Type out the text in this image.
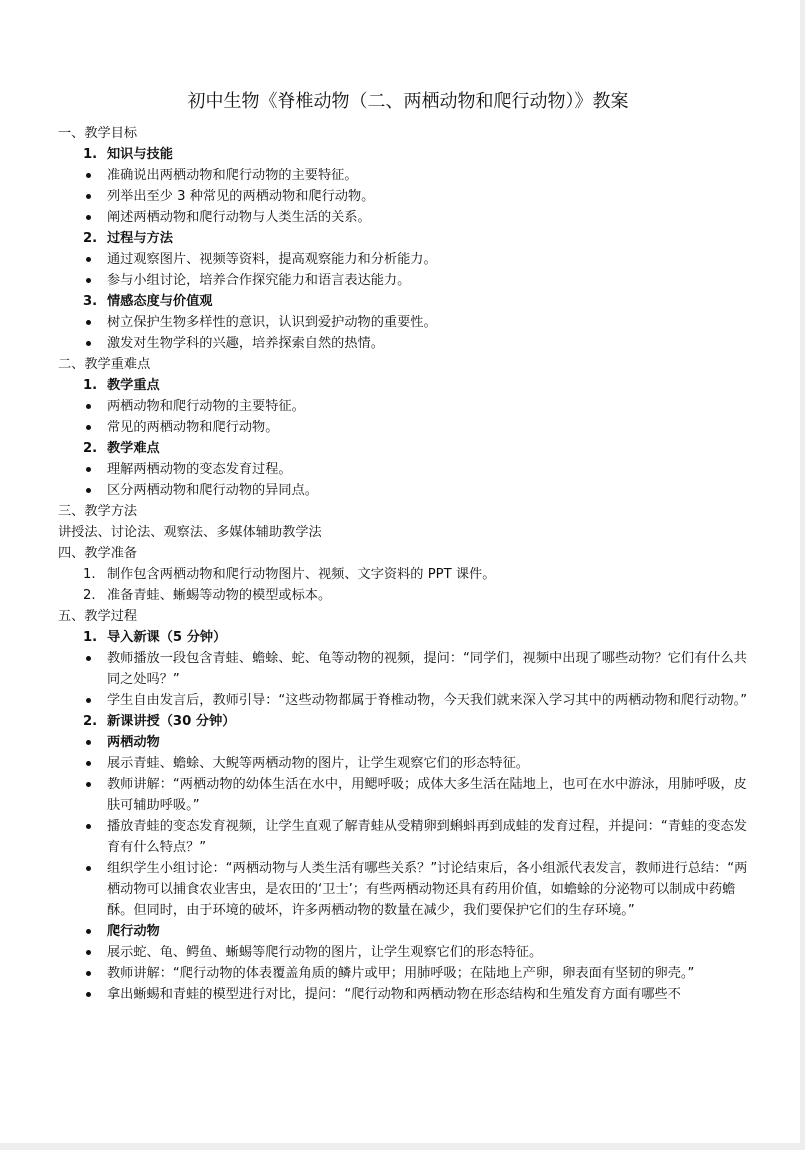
初中生物《脊椎动物（二、两栖动物和爬行动物）》教案
一、教学目标
1. 知识与技能
准确说出两栖动物和爬行动物的主要特征。
列举出至少 3 种常见的两栖动物和爬行动物。
阐述两栖动物和爬行动物与人类生活的关系。
2. 过程与方法
通过观察图片、视频等资料，提高观察能力和分析能力。
参与小组讨论，培养合作探究能力和语言表达能力。
3. 情感态度与价值观
树立保护生物多样性的意识，认识到爱护动物的重要性。
激发对生物学科的兴趣，培养探索自然的热情。
二、教学重难点
1. 教学重点
两栖动物和爬行动物的主要特征。
常见的两栖动物和爬行动物。
2. 教学难点
理解两栖动物的变态发育过程。
区分两栖动物和爬行动物的异同点。
三、教学方法
讲授法、讨论法、观察法、多媒体辅助教学法
四、教学准备
1. 制作包含两栖动物和爬行动物图片、视频、文字资料的 PPT 课件。
2. 准备青蛙、蜥蜴等动物的模型或标本。
五、教学过程
1. 导入新课（5 分钟）
教师播放一段包含青蛙、蟾蜍、蛇、龟等动物的视频，提问：“同学们，视频中出现了哪些动物？它们有什么共同之处吗？”
学生自由发言后，教师引导：“这些动物都属于脊椎动物，今天我们就来深入学习其中的两栖动物和爬行动物。”
2. 新课讲授（30 分钟）
两栖动物
展示青蛙、蟾蜍、大鲵等两栖动物的图片，让学生观察它们的形态特征。
教师讲解：“两栖动物的幼体生活在水中，用鳃呼吸；成体大多生活在陆地上，也可在水中游泳，用肺呼吸，皮肤可辅助呼吸。”
播放青蛙的变态发育视频，让学生直观了解青蛙从受精卵到蝌蚪再到成蛙的发育过程，并提问：“青蛙的变态发育有什么特点？”
组织学生小组讨论：“两栖动物与人类生活有哪些关系？”讨论结束后，各小组派代表发言，教师进行总结：“两栖动物可以捕食农业害虫，是农田的‘卫士’；有些两栖动物还具有药用价值，如蟾蜍的分泌物可以制成中药蟾酥。但同时，由于环境的破坏，许多两栖动物的数量在减少，我们要保护它们的生存环境。”
爬行动物
展示蛇、龟、鳄鱼、蜥蜴等爬行动物的图片，让学生观察它们的形态特征。
教师讲解：“爬行动物的体表覆盖角质的鳞片或甲；用肺呼吸；在陆地上产卵，卵表面有坚韧的卵壳。”
拿出蜥蜴和青蛙的模型进行对比，提问：“爬行动物和两栖动物在形态结构和生殖发育方面有哪些不
